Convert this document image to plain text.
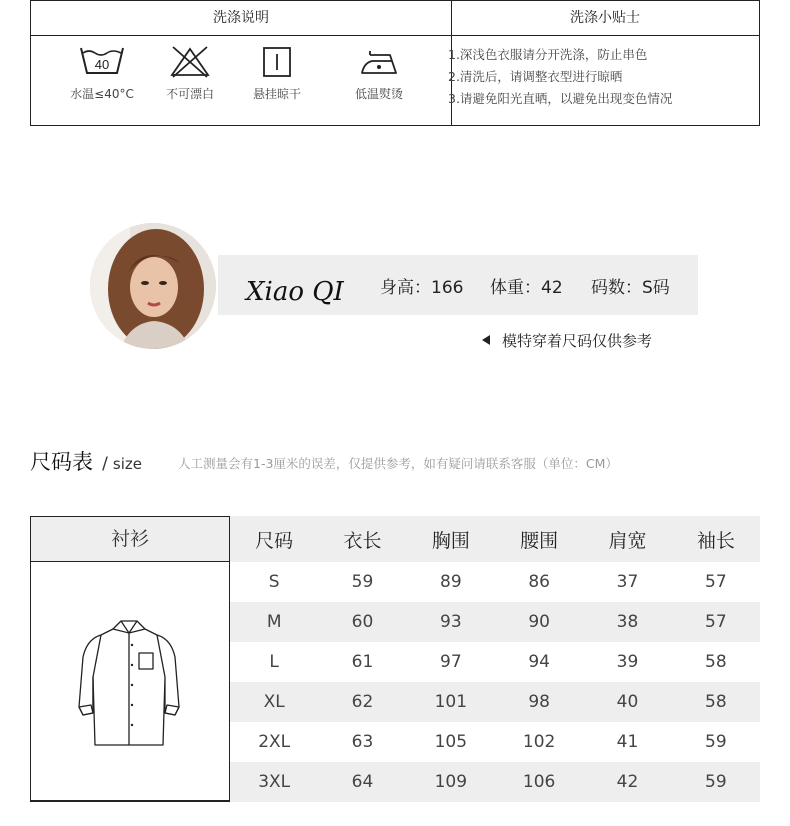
洗涤说明	洗涤小贴士
40
水温≤40°C	不可漂白	悬挂晾干	低温熨烫
1.深浅色衣服请分开洗涤，防止串色
2.清洗后，请调整衣型进行晾晒
3.请避免阳光直晒，以避免出现变色情况
Xiao QI 身高：166 体重：42 码数：S码
模特穿着尺码仅供参考
尺码表 / size	人工测量会有1-3厘米的误差，仅提供参考，如有疑问请联系客服（单位：CM）
衬衫	尺码	衣长	胸围	腰围	肩宽	袖长
S	59	89	86	37	57
M	60	93	90	38	57
L	61	97	94	39	58
XL	62	101	98	40	58
2XL	63	105	102	41	59
3XL	64	109	106	42	59
